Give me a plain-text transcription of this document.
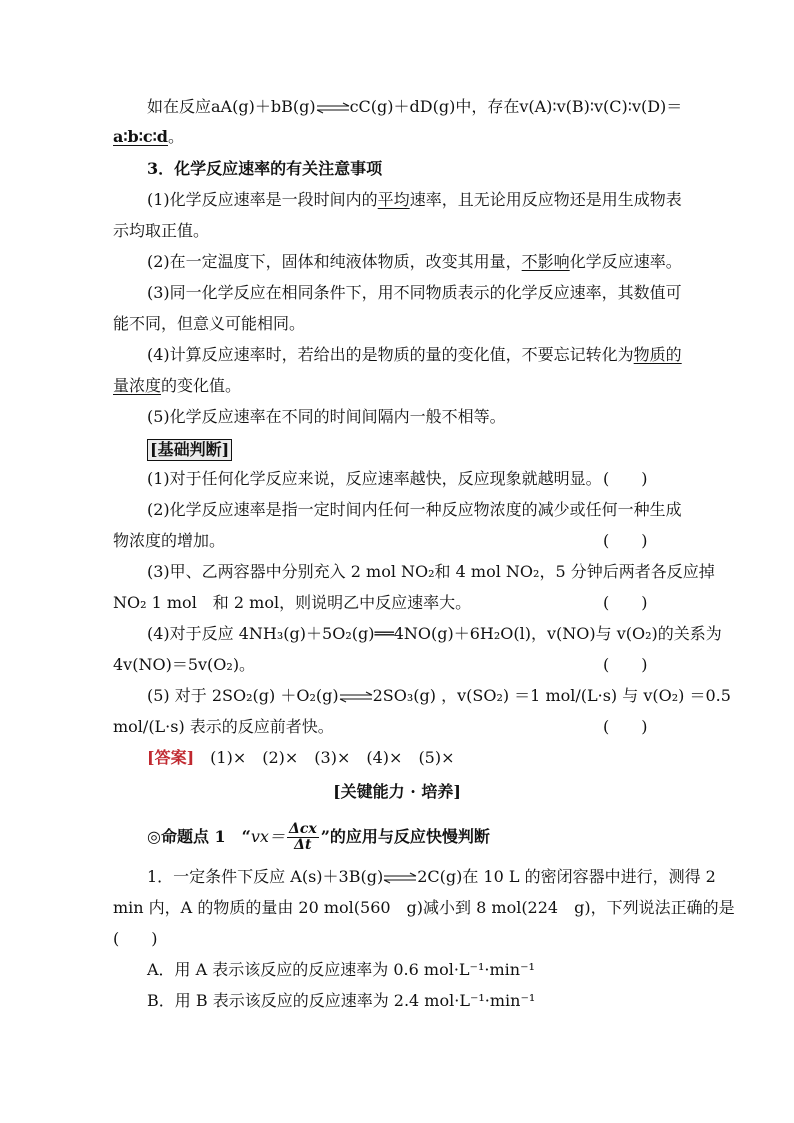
如在反应aA(g)＋bB(g)⇌cC(g)＋dD(g)中，存在v(A)∶v(B)∶v(C)∶v(D)＝
a∶b∶c∶d。
3．化学反应速率的有关注意事项
(1)化学反应速率是一段时间内的平均速率，且无论用反应物还是用生成物表
示均取正值。
(2)在一定温度下，固体和纯液体物质，改变其用量，不影响化学反应速率。
(3)同一化学反应在相同条件下，用不同物质表示的化学反应速率，其数值可
能不同，但意义可能相同。
(4)计算反应速率时，若给出的是物质的量的变化值，不要忘记转化为物质的
量浓度的变化值。
(5)化学反应速率在不同的时间间隔内一般不相等。
[基础判断]
(1)对于任何化学反应来说，反应速率越快，反应现象就越明显。 (　　)
(2)化学反应速率是指一定时间内任何一种反应物浓度的减少或任何一种生成
物浓度的增加。	(　　)
(3)甲、乙两容器中分别充入 2 mol NO₂和 4 mol NO₂，5 分钟后两者各反应掉
NO₂ 1 mol　和 2 mol，则说明乙中反应速率大。	(　　)
(4)对于反应 4NH₃(g)＋5O₂(g)══4NO(g)＋6H₂O(l)，v(NO)与 v(O₂)的关系为
4v(NO)＝5v(O₂)。	(　　)
(5) 对于 2SO₂(g) ＋O₂(g)⇌2SO₃(g) ，v(SO₂) ＝1 mol/(L·s) 与 v(O₂) ＝0.5
mol/(L·s) 表示的反应前者快。	(　　)
[答案]　(1)×　(2)×　(3)×　(4)×　(5)×
[关键能力 · 培养]
◎命题点 1　“$vx= \frac{\text{Δcx}}{\Delta t}$ ”的应用与反应快慢判断
1．一定条件下反应 A(s)＋3B(g)⇌2C(g)在 10 L 的密闭容器中进行，测得 2
min 内，A 的物质的量由 20 mol(560　g)减小到 8 mol(224　g)，下列说法正确的是
(　　)
A．用 A 表示该反应的反应速率为 0.6 mol·L⁻¹·min⁻¹
B．用 B 表示该反应的反应速率为 2.4 mol·L⁻¹·min⁻¹
